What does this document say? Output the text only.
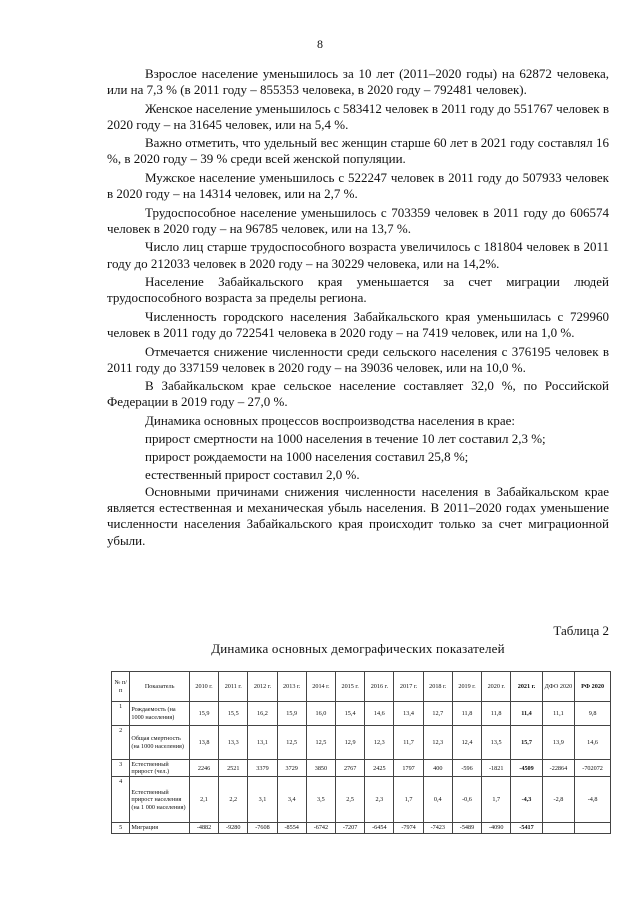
8

Взрослое население уменьшилось за 10 лет (2011–2020 годы) на 62872 человека, или на 7,3 % (в 2011 году – 855353 человека, в 2020 году – 792481 человек).

Женское население уменьшилось с 583412 человек в 2011 году до 551767 человек в 2020 году – на 31645 человек, или на 5,4 %.

Важно отметить, что удельный вес женщин старше 60 лет в 2021 году составлял 16 %, в 2020 году – 39 % среди всей женской популяции.

Мужское население уменьшилось с 522247 человек в 2011 году до 507933 человек в 2020 году – на 14314 человек, или на 2,7 %.

Трудоспособное население уменьшилось с 703359 человек в 2011 году до 606574 человек в 2020 году – на 96785 человек, или на 13,7 %.

Число лиц старше трудоспособного возраста увеличилось с 181804 человек в 2011 году до 212033 человек в 2020 году – на 30229 человека, или на 14,2%.

Население Забайкальского края уменьшается за счет миграции людей трудоспособного возраста за пределы региона.

Численность городского населения Забайкальского края уменьшилась с 729960 человек в 2011 году до 722541 человека в 2020 году – на 7419 человек, или на 1,0 %.

Отмечается снижение численности среди сельского населения с 376195 человек в 2011 году до 337159 человек в 2020 году – на 39036 человек, или на 10,0 %.

В Забайкальском крае сельское население составляет 32,0 %, по Российской Федерации в 2019 году – 27,0 %.

Динамика основных процессов воспроизводства населения в крае:

прирост смертности на 1000 населения в течение 10 лет составил 2,3 %;

прирост рождаемости на 1000 населения составил 25,8 %;

естественный прирост составил 2,0 %.

Основными причинами снижения численности населения в Забайкальском крае является естественная и механическая убыль населения. В 2011–2020 годах уменьшение численности населения Забайкальского края происходит только за счет миграционной убыли.

Таблица 2
Динамика основных демографических показателей
№ п/п	Показатель	2010 г.	2011 г.	2012 г.	2013 г.	2014 г.	2015 г.	2016 г.	2017 г.	2018 г.	2019 г.	2020 г.	2021 г.	ДФО 2020	РФ 2020
1	Рождаемость (на 1000 населения)	15,9	15,5	16,2	15,9	16,0	15,4	14,6	13,4	12,7	11,8	11,8	11,4	11,1	9,8
2	Общая смертность (на 1000 населения)	13,8	13,3	13,1	12,5	12,5	12,9	12,3	11,7	12,3	12,4	13,5	15,7	13,9	14,6
3	Естественный прирост (чел.)	2246	2521	3379	3729	3850	2767	2425	1797	400	-596	-1821	-4509	-22864	-702072
4	Естественный прирост населения (на 1 000 населения)	2,1	2,2	3,1	3,4	3,5	2,5	2,3	1,7	0,4	-0,6	1,7	-4,3	-2,8	-4,8
5	Миграция	-4882	-9280	-7608	-8554	-6742	-7207	-6454	-7974	-7423	-5489	-4090	-5417		
